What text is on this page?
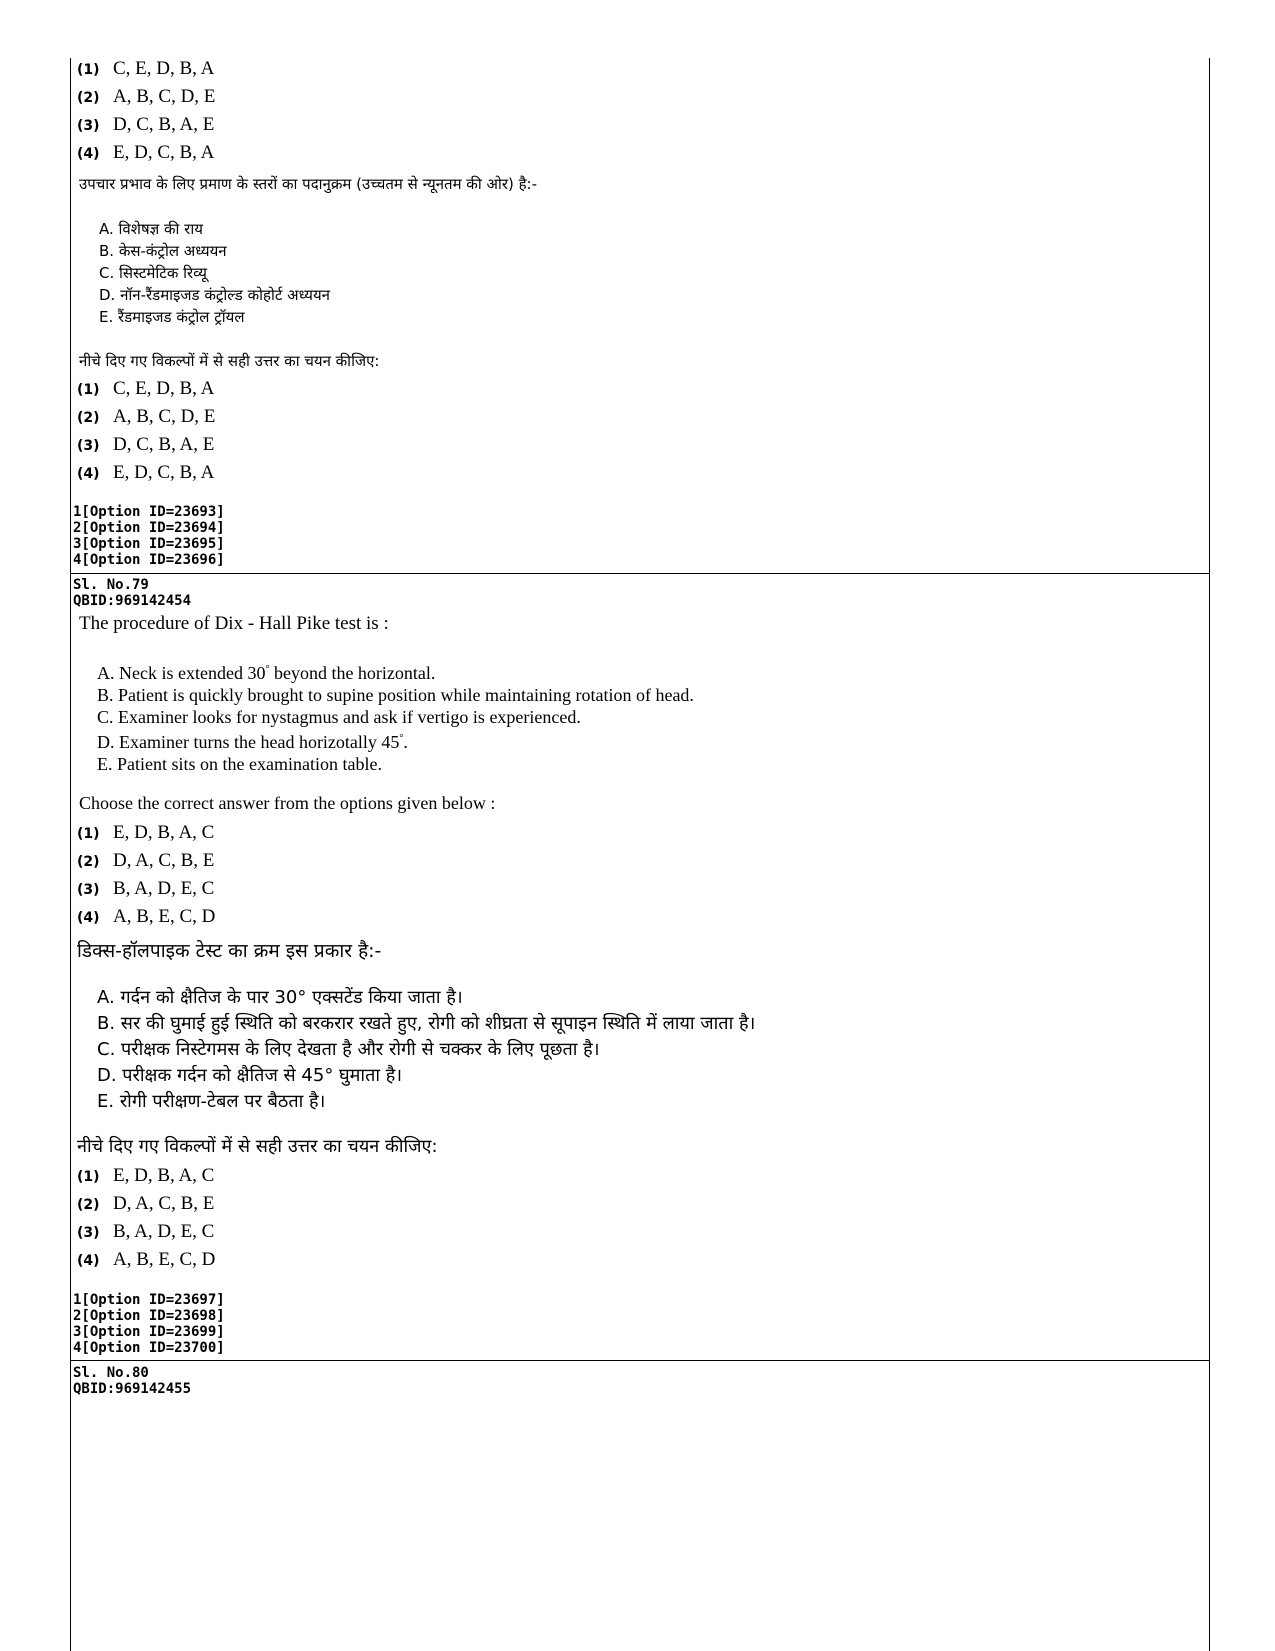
(1) C, E, D, B, A
(2) A, B, C, D, E
(3) D, C, B, A, E
(4) E, D, C, B, A
उपचार प्रभाव के लिए प्रमाण के स्तरों का पदानुक्रम (उच्चतम से न्यूनतम की ओर) है:-
A. विशेषज्ञ की राय
B. केस-कंट्रोल अध्ययन
C. सिस्टमेटिक रिव्यू
D. नॉन-रैंडमाइजड कंट्रोल्ड कोहोर्ट अध्ययन
E. रैंडमाइजड कंट्रोल ट्रॉयल
नीचे दिए गए विकल्पों में से सही उत्तर का चयन कीजिए:
(1) C, E, D, B, A
(2) A, B, C, D, E
(3) D, C, B, A, E
(4) E, D, C, B, A
1[Option ID=23693]
2[Option ID=23694]
3[Option ID=23695]
4[Option ID=23696]
Sl. No.79
QBID:969142454
The procedure of Dix - Hall Pike test is :
A. Neck is extended 30° beyond the horizontal.
B. Patient is quickly brought to supine position while maintaining rotation of head.
C. Examiner looks for nystagmus and ask if vertigo is experienced.
D. Examiner turns the head horizotally 45°.
E. Patient sits on the examination table.
Choose the correct answer from the options given below :
(1) E, D, B, A, C
(2) D, A, C, B, E
(3) B, A, D, E, C
(4) A, B, E, C, D
डिक्स-हॉलपाइक टेस्ट का क्रम इस प्रकार है:-
A. गर्दन को क्षैतिज के पार 30° एक्सटेंड किया जाता है।
B. सर की घुमाई हुई स्थिति को बरकरार रखते हुए, रोगी को शीघ्रता से सूपाइन स्थिति में लाया जाता है।
C. परीक्षक निस्टेगमस के लिए देखता है और रोगी से चक्कर के लिए पूछता है।
D. परीक्षक गर्दन को क्षैतिज से 45° घुमाता है।
E. रोगी परीक्षण-टेबल पर बैठता है।
नीचे दिए गए विकल्पों में से सही उत्तर का चयन कीजिए:
(1) E, D, B, A, C
(2) D, A, C, B, E
(3) B, A, D, E, C
(4) A, B, E, C, D
1[Option ID=23697]
2[Option ID=23698]
3[Option ID=23699]
4[Option ID=23700]
Sl. No.80
QBID:969142455
